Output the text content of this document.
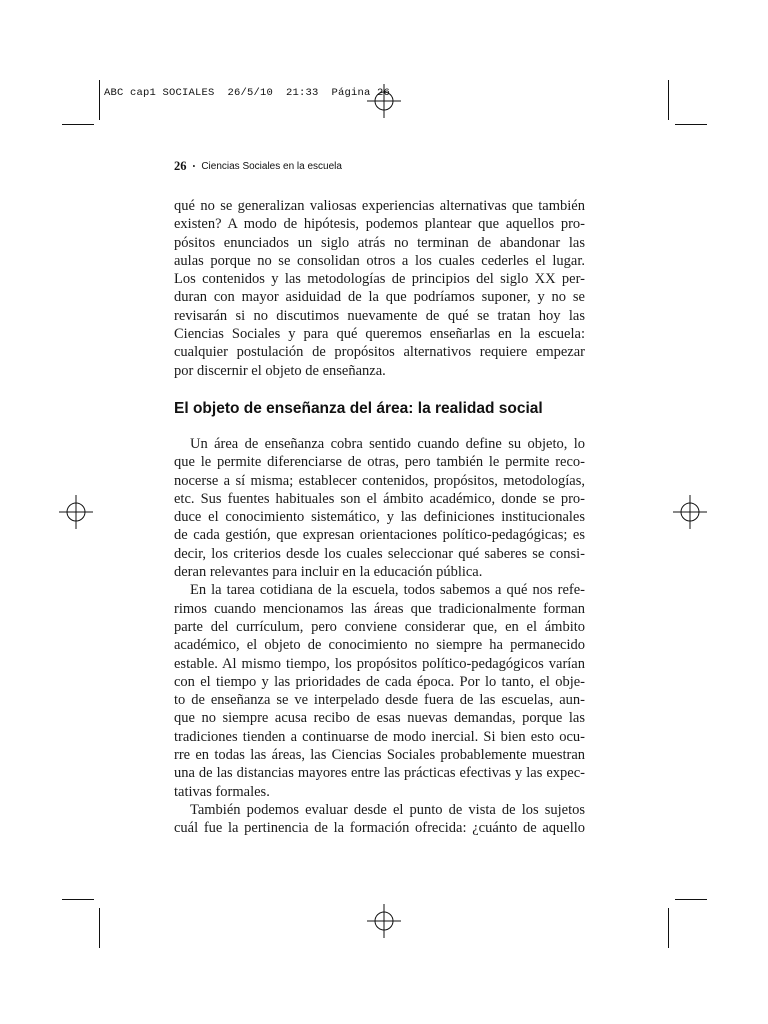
ABC cap1 SOCIALES  26/5/10  21:33  Página 26
26 • Ciencias Sociales en la escuela
qué no se generalizan valiosas experiencias alternativas que también
existen? A modo de hipótesis, podemos plantear que aquellos pro-
pósitos enunciados un siglo atrás no terminan de abandonar las
aulas porque no se consolidan otros a los cuales cederles el lugar.
Los contenidos y las metodologías de principios del siglo XX per-
duran con mayor asiduidad de la que podríamos suponer, y no se
revisarán si no discutimos nuevamente de qué se tratan hoy las
Ciencias Sociales y para qué queremos enseñarlas en la escuela:
cualquier postulación de propósitos alternativos requiere empezar
por discernir el objeto de enseñanza.
El objeto de enseñanza del área: la realidad social
Un área de enseñanza cobra sentido cuando define su objeto, lo
que le permite diferenciarse de otras, pero también le permite reco-
nocerse a sí misma; establecer contenidos, propósitos, metodologías,
etc. Sus fuentes habituales son el ámbito académico, donde se pro-
duce el conocimiento sistemático, y las definiciones institucionales
de cada gestión, que expresan orientaciones político-pedagógicas; es
decir, los criterios desde los cuales seleccionar qué saberes se consi-
deran relevantes para incluir en la educación pública.
En la tarea cotidiana de la escuela, todos sabemos a qué nos refe-
rimos cuando mencionamos las áreas que tradicionalmente forman
parte del currículum, pero conviene considerar que, en el ámbito
académico, el objeto de conocimiento no siempre ha permanecido
estable. Al mismo tiempo, los propósitos político-pedagógicos varían
con el tiempo y las prioridades de cada época. Por lo tanto, el obje-
to de enseñanza se ve interpelado desde fuera de las escuelas, aun-
que no siempre acusa recibo de esas nuevas demandas, porque las
tradiciones tienden a continuarse de modo inercial. Si bien esto ocu-
rre en todas las áreas, las Ciencias Sociales probablemente muestran
una de las distancias mayores entre las prácticas efectivas y las expec-
tativas formales.
También podemos evaluar desde el punto de vista de los sujetos
cuál fue la pertinencia de la formación ofrecida: ¿cuánto de aquello
